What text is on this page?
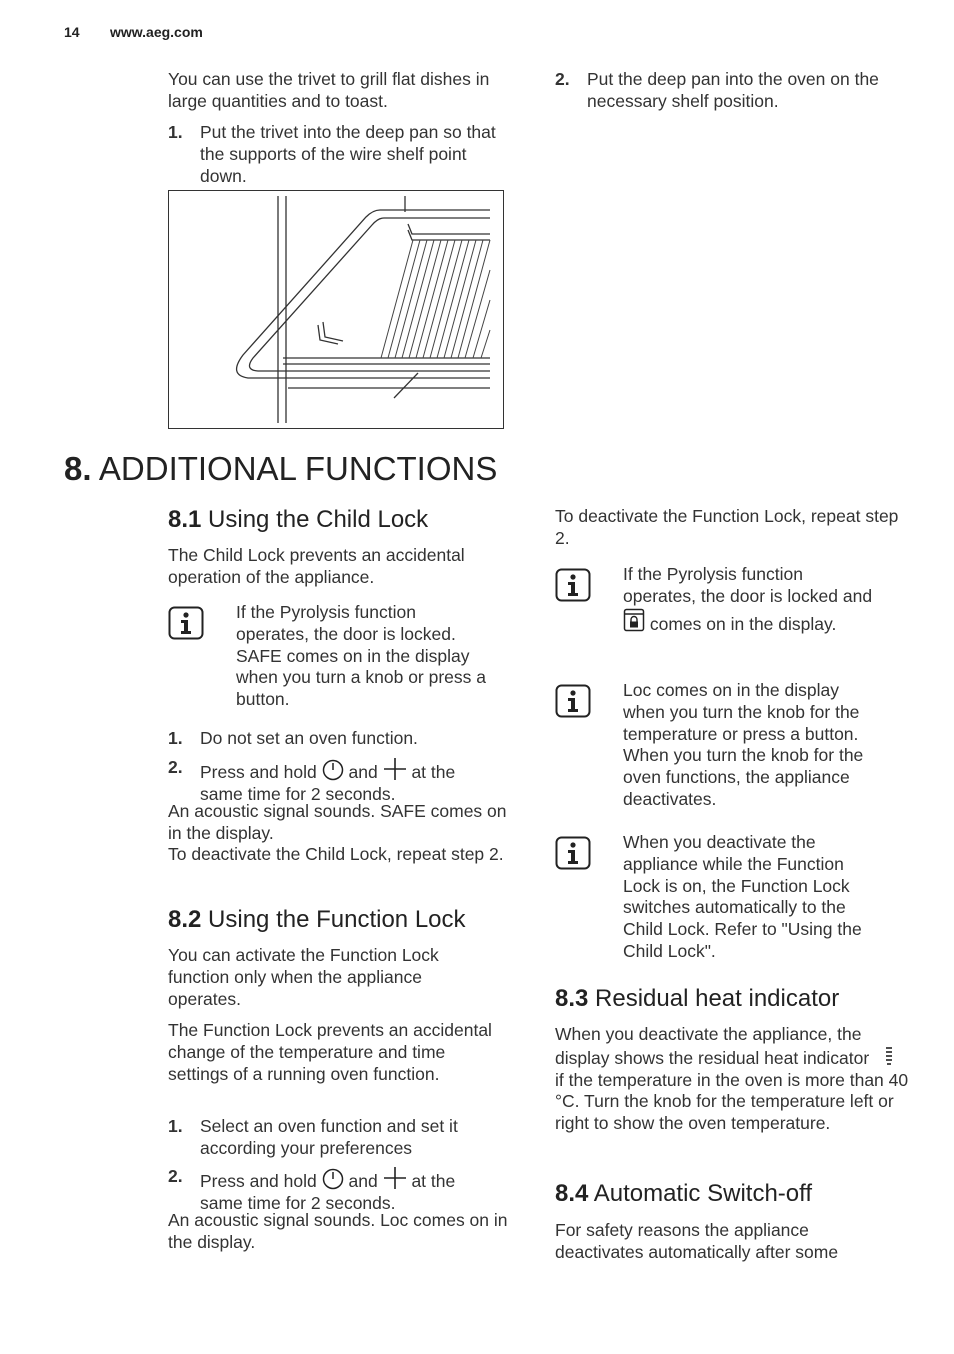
14 www.aeg.com
You can use the trivet to grill flat dishes in large quantities and to toast.
1. Put the trivet into the deep pan so that the supports of the wire shelf point down.
2. Put the deep pan into the oven on the necessary shelf position.
8. ADDITIONAL FUNCTIONS
8.1 Using the Child Lock
The Child Lock prevents an accidental operation of the appliance.
If the Pyrolysis function operates, the door is locked. SAFE comes on in the display when you turn a knob or press a button.
1. Do not set an oven function.
2. Press and hold and at the same time for 2 seconds.
An acoustic signal sounds. SAFE comes on in the display.
To deactivate the Child Lock, repeat step 2.
8.2 Using the Function Lock
You can activate the Function Lock function only when the appliance operates.
The Function Lock prevents an accidental change of the temperature and time settings of a running oven function.
1. Select an oven function and set it according your preferences
2. Press and hold and at the same time for 2 seconds.
An acoustic signal sounds. Loc comes on in the display.
To deactivate the Function Lock, repeat step 2.
If the Pyrolysis function operates, the door is locked and  comes on in the display.
Loc comes on in the display when you turn the knob for the temperature or press a button. When you turn the knob for the oven functions, the appliance deactivates.
When you deactivate the appliance while the Function Lock is on, the Function Lock switches automatically to the Child Lock. Refer to "Using the Child Lock".
8.3 Residual heat indicator
When you deactivate the appliance, the display shows the residual heat indicator  if the temperature in the oven is more than 40 °C. Turn the knob for the temperature left or right to show the oven temperature.
8.4 Automatic Switch-off
For safety reasons the appliance deactivates automatically after some
